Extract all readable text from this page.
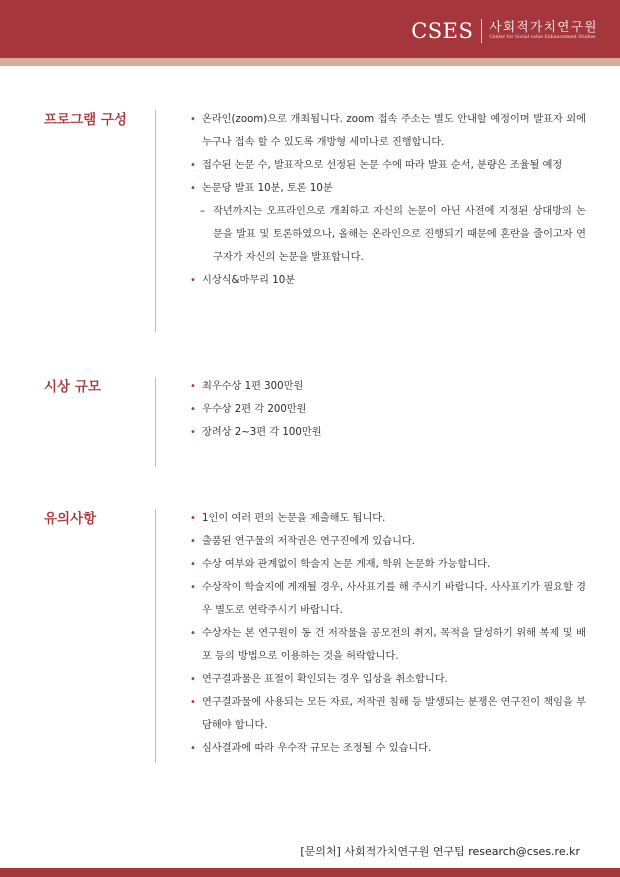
CSES 사회적가치연구원
Center for Social value Enhancement Studies
프로그램 구성	• 온라인(zoom)으로 개최됩니다. zoom 접속 주소는 별도 안내할 예정이며 발표자 외에 누구나 접속 할 수 있도록 개방형 세미나로 진행합니다.
• 접수된 논문 수, 발표작으로 선정된 논문 수에 따라 발표 순서, 분량은 조율될 예정
• 논문당 발표 10분, 토론 10분
– 작년까지는 오프라인으로 개최하고 자신의 논문이 아닌 사전에 지정된 상대방의 논문을 발표 및 토론하였으나, 올해는 온라인으로 진행되기 때문에 혼란을 줄이고자 연구자가 자신의 논문을 발표합니다.
• 시상식&마무리 10분
시상 규모	• 최우수상 1편 300만원
• 우수상 2편 각 200만원
• 장려상 2~3편 각 100만원
유의사항	• 1인이 여러 편의 논문을 제출해도 됩니다.
• 출품된 연구물의 저작권은 연구진에게 있습니다.
• 수상 여부와 관계없이 학술지 논문 게재, 학위 논문화 가능합니다.
• 수상작이 학술지에 게재될 경우, 사사표기를 해 주시기 바랍니다. 사사표기가 필요할 경우 별도로 연락주시기 바랍니다.
• 수상자는 본 연구원이 동 건 저작물을 공모전의 취지, 목적을 달성하기 위해 복제 및 배포 등의 방법으로 이용하는 것을 허락합니다.
• 연구결과물은 표절이 확인되는 경우 입상을 취소합니다.
• 연구결과물에 사용되는 모든 자료, 저작권 침해 등 발생되는 분쟁은 연구진이 책임을 부담해야 합니다.
• 심사결과에 따라 우수작 규모는 조정될 수 있습니다.
[문의처] 사회적가치연구원 연구팀 research@cses.re.kr
